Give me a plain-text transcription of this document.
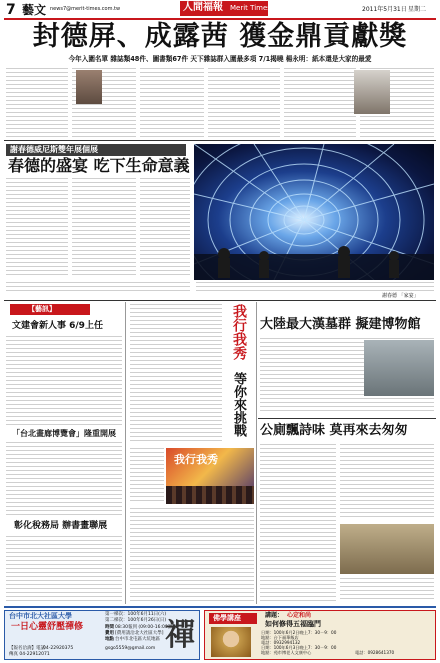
7 藝文 news7@merit-times.com.tw	人間福報 Merit Times	2011年5月31日 星期二
封德屏、成露茜 獲金鼎貢獻獎
今年入圍名單 雜誌類48件、圖書類67件 天下雜誌群入圍最多項 7/1揭曉 楊永明：紙本還是大家的最愛
謝春德威尼斯雙年展個展
春德的盛宴 吃下生命意義
謝春德 「家宴」
【藝訊】
文建會新人事 6/9上任
「台北畫廊博覽會」隆重開展
彰化稅務局 辦書畫聯展
我行我秀
等你來挑戰
我行我秀
大陸最大漢墓群 擬建博物館
公廁飄詩味 莫再來去匆匆
台中市北大社區大學
一日心靈舒壓禪修
第一梯次：100年6月11日(六)
第二梯次：100年6月26日(日)
時間 08:30報到 (09:00-16:00課程)
費用 [費用請洽北大社區大學]
地點 台中市北屯區大坑地區
【報名洽詢】電話
04-22920375
傳真 04-22912071
gsgo5559@gmail.com 禪	佛學講座	講題： 心定和尚
如何修得五福臨門
日期：100年6月2日晚上7：30－9：00
地點：台下福華飯店
電話：0932994132
日期：100年6月3日晚上7：30－9：00
地點：苑市博老人文康中心	電話：0928641370
